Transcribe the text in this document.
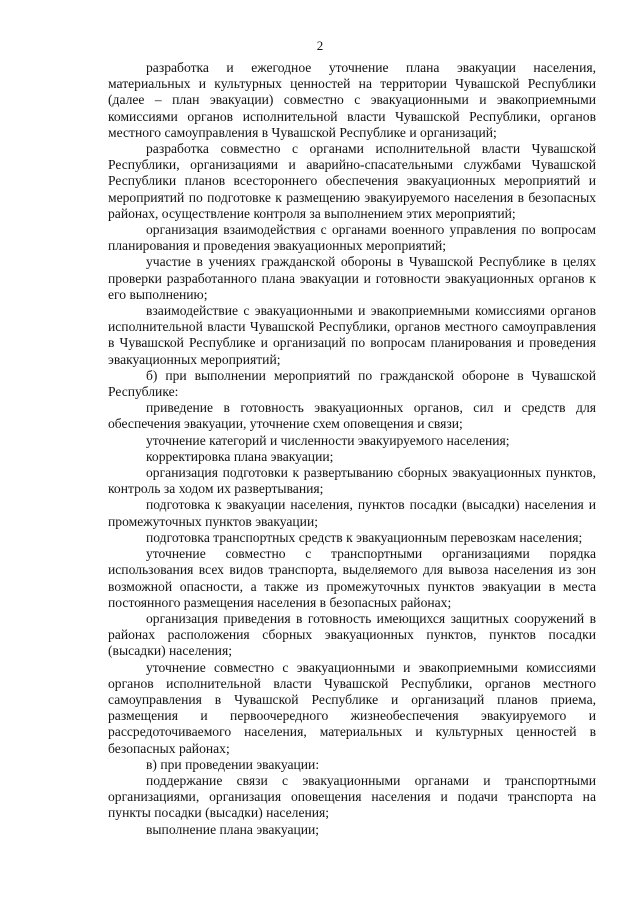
2

разработка и ежегодное уточнение плана эвакуации населения, материальных и культурных ценностей на территории Чувашской Республики (далее – план эвакуации) совместно с эвакуационными и эвакоприемными комиссиями органов исполнительной власти Чувашской Республики, органов местного самоуправления в Чувашской Республике и организаций;

разработка совместно с органами исполнительной власти Чувашской Республики, организациями и аварийно-спасательными службами Чувашской Республики планов всестороннего обеспечения эвакуационных мероприятий и мероприятий по подготовке к размещению эвакуируемого населения в безопасных районах, осуществление контроля за выполнением этих мероприятий;

организация взаимодействия с органами военного управления по вопросам планирования и проведения эвакуационных мероприятий;

участие в учениях гражданской обороны в Чувашской Республике в целях проверки разработанного плана эвакуации и готовности эвакуационных органов к его выполнению;

взаимодействие с эвакуационными и эвакоприемными комиссиями органов исполнительной власти Чувашской Республики, органов местного самоуправления в Чувашской Республике и организаций по вопросам планирования и проведения эвакуационных мероприятий;

б) при выполнении мероприятий по гражданской обороне в Чувашской Республике:

приведение в готовность эвакуационных органов, сил и средств для обеспечения эвакуации, уточнение схем оповещения и связи;

уточнение категорий и численности эвакуируемого населения;

корректировка плана эвакуации;

организация подготовки к развертыванию сборных эвакуационных пунктов, контроль за ходом их развертывания;

подготовка к эвакуации населения, пунктов посадки (высадки) населения и промежуточных пунктов эвакуации;

подготовка транспортных средств к эвакуационным перевозкам населения;

уточнение совместно с транспортными организациями порядка использования всех видов транспорта, выделяемого для вывоза населения из зон возможной опасности, а также из промежуточных пунктов эвакуации в места постоянного размещения населения в безопасных районах;

организация приведения в готовность имеющихся защитных сооружений в районах расположения сборных эвакуационных пунктов, пунктов посадки (высадки) населения;

уточнение совместно с эвакуационными и эвакоприемными комиссиями органов исполнительной власти Чувашской Республики, органов местного самоуправления в Чувашской Республике и организаций планов приема, размещения и первоочередного жизнеобеспечения эвакуируемого и рассредоточиваемого населения, материальных и культурных ценностей в безопасных районах;

в) при проведении эвакуации:

поддержание связи с эвакуационными органами и транспортными организациями, организация оповещения населения и подачи транспорта на пункты посадки (высадки) населения;

выполнение плана эвакуации;
